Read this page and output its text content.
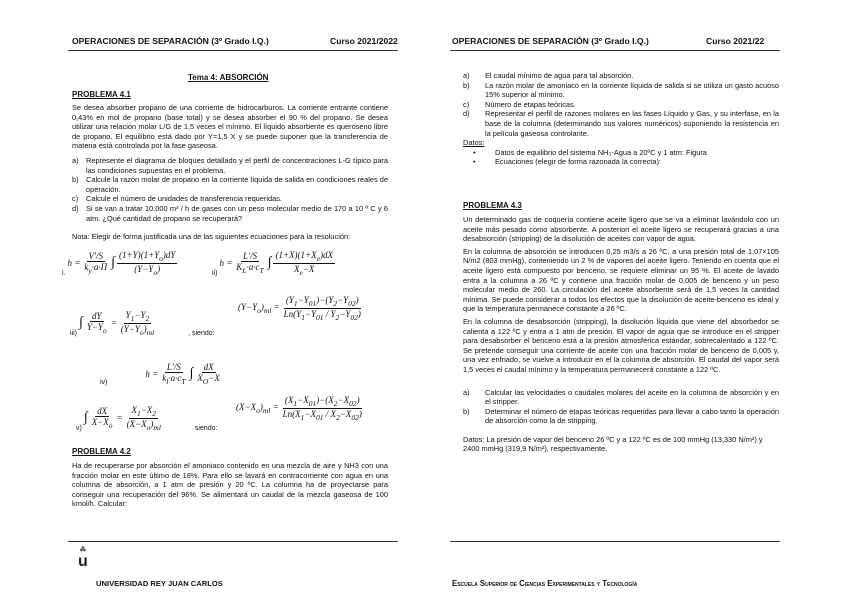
OPERACIONES DE SEPARACIÓN (3º Grado I.Q.)	Curso 2021/2022
Tema 4: ABSORCIÓN
PROBLEMA 4.1

Se desea absorber propano de una corriente de hidrocarburos. La corriente entrante contiene 0,43% en mol de propano (base total) y se desea absorber el 90 % del propano. Se desea utilizar una relación molar L/G de 1,5 veces el mínimo. El líquido absorbente es queroseno libre de propano. El equilibrio está dado por Y=1,5 X y se puede suponer que la transferencia de materia está controlada por la fase gaseosa.

a)	Represente el diagrama de bloques detallado y el perfil de concentraciones L-G típico para las condiciones supuestas en el problema.
b)	Calcule la razón molar de propano en la corriente líquida de salida en condiciones reales de operación.
c)	Calcule el número de unidades de transferencia requeridas.
d)	Si se van a tratar 10.000 m³ / h de gases con un peso molecular medio de 170 a 10 º C y 6 atm. ¿Qué cantidad de propano se recuperará?

Nota: Elegir de forma justificada una de las siguientes ecuaciones para la resolución:

i.
$h = \frac{V'/S}{k_y\cdot a\cdot\Pi}$ ∫
$(1+Y)(1+Y_o)dY$
$(Y-Y_o)$	ii)
$h = \frac{L'/S}{K_L\cdot a\cdot c_T}$ ∫
$(1+X)(1+X_e)dX$
$X_e-X$
iii)
∫ $\frac{dY}{Y-Y_o} = \frac{Y_1-Y_2}{(Y-Y_o)_{ml}}$	, siendo:
$(Y-Y_o)_{ml} = \frac{(Y_1-Y_{01})-(Y_2-Y_{02})}{Ln(Y_1-Y_{01} / Y_2-Y_{02})}$
iv)
$h = \frac{L'/S}{k_l\cdot a\cdot c_T}$ ∫ dX
$X_O-X$
v)
∫ $\frac{dX}{X-X_o} = \frac{X_1-X_2}{(X-X_o)_{ml}}$	siendo:
$(X-X_o)_{ml} = \frac{(X_1-X_{01})-(X_2-X_{02})}{Ln(X_1-X_{01} / X_2-X_{02})}$
PROBLEMA 4.2

Ha de recuperarse por absorción el amoniaco contenido en una mezcla de aire y NH3 con una fracción molar en este último de 18%. Para ello se lavará en contracorriente con agua en una columna de absorción, a 1 atm de presión y 20 ºC. La columna ha de proyectarse para conseguir una recuperación del 96%. Se alimentará un caudal de la mezcla gaseosa de 100 kmol/h. Calcular:

⁂
u
UNIVERSIDAD REY JUAN CARLOS
OPERACIONES DE SEPARACIÓN (3º Grado I.Q.)	Curso 2021/22
a)	El caudal mínimo de agua para tal absorción.
b)	La razón molar de amoniaco en la corriente líquida de salida si se utiliza un gasto acuoso 15% superior al mínimo.
c)	Número de etapas teóricas.
d)	Representar el perfil de razones molares en las fases Líquido y Gas, y su interfase, en la base de la columna (determinando sus valores numéricos) suponiendo la resistencia en la película gaseosa controlante.

Datos:

•	Datos de equilibrio del sistema NH₃-Agua a 20ºC y 1 atm: Figura
•	Ecuaciones (elegir de forma razonada la correcta):
PROBLEMA 4.3

Un determinado gas de coquería contiene aceite ligero que se va a eliminar lavándolo con un aceite más pesado como absorbente. A posteriori el aceite ligero se recuperará gracias a una desabsorción (stripping) de la disolución de aceites con vapor de agua.

En la columna de absorción se introducen 0,25 m3/s a 26 ºC, a una presión total de 1,07×105 N/m2 (803 mmHg), conteniendo un 2 % de vapores del aceite ligero. Teniendo en cuenta que el aceite ligero está compuesto por benceno, se requiere eliminar un 95 %. El aceite de lavado entra a la columna a 26 ºC y contiene una fracción molar de 0,005 de benceno y un peso molecular medio de 260. La circulación del aceite absorbente será de 1,5 veces la cantidad mínima. Se puede considerar a todos los efectos que la disolución de aceite-benceno es ideal y que la temperatura permanece constante a 26 ºC.

En la columna de desabsorción (stripping), la disolución líquida que viene del absorbedor se calienta a 122 ºC y entra a 1 atm de presión. El vapor de agua que se introduce en el stripper para desabsorber el benceno está a la presión atmosférica estándar, sobrecalentado a 122 ºC. Se pretende conseguir una corriente de aceite con una fracción molar de benceno de 0,005 y, una vez enfriado, se vuelve a introducir en el la columna de absorción. El caudal del vapor será 1,5 veces el caudal mínimo y la temperatura permanecerá constante a 122 ºC.

a)	Calcular las velocidades o caudales molares del aceite en la columna de absorción y en el stripper.
b)	Determinar el número de etapas teóricas requeridas para llevar a cabo tanto la operación de absorción como la de stripping.

Datos: La presión de vapor del benceno 26 ºC y a 122 ºC es de 100 mmHg (13,330 N/m²) y 2400 mmHg (319,9 N/m²), respectivamente.

Escuela Superior de Ciencias Experimentales y Tecnología
